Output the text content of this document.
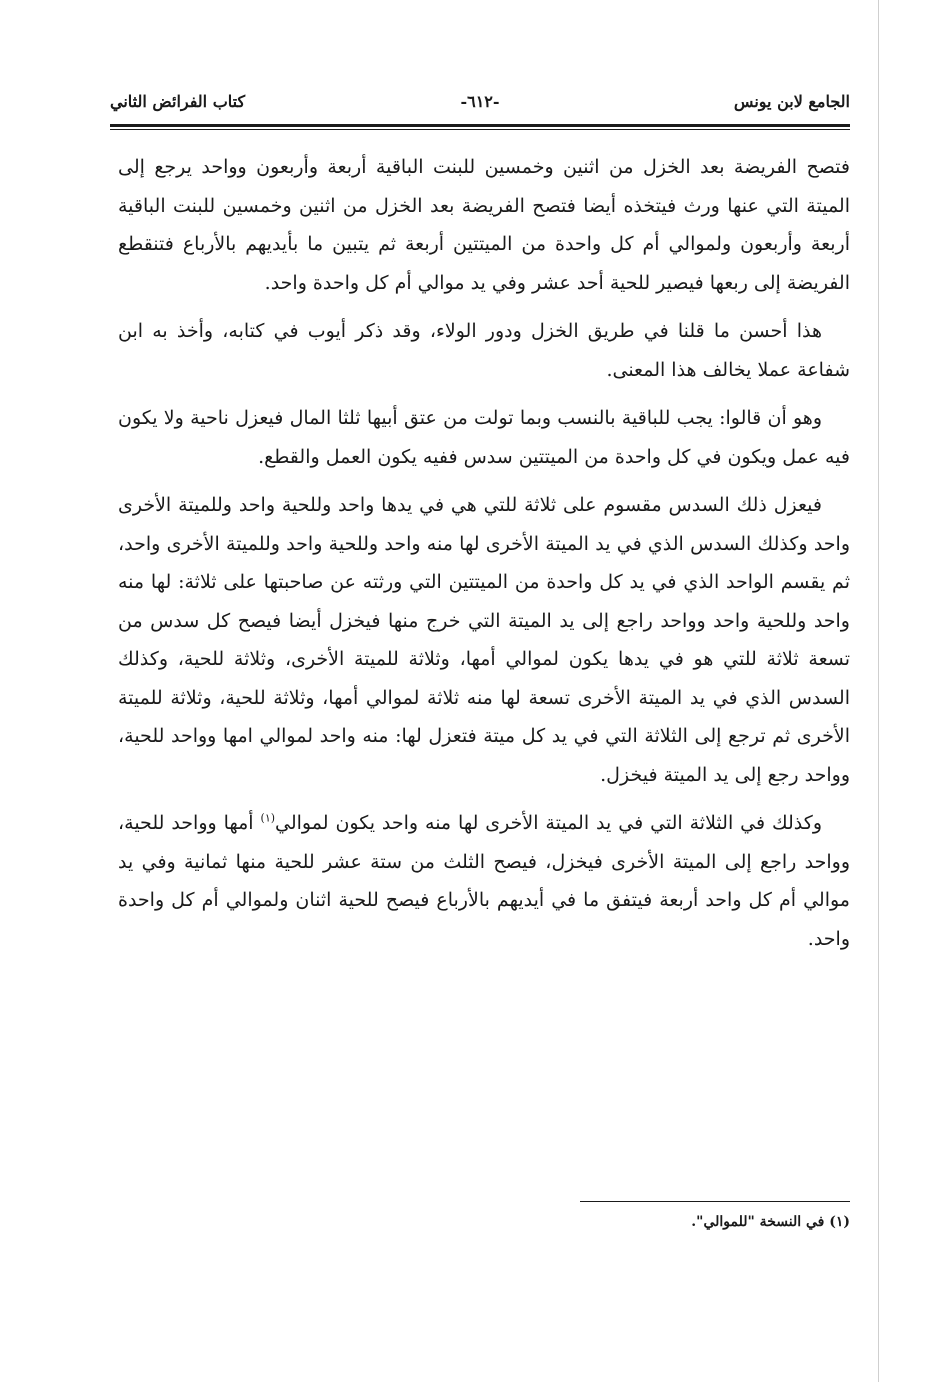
الجامع لابن يونس
-٦١٢-
كتاب الفرائض الثاني

فتصح الفريضة بعد الخزل من اثنين وخمسين للبنت الباقية أربعة وأربعون وواحد يرجع إلى الميتة التي عنها ورث فيتخذه أيضا فتصح الفريضة بعد الخزل من اثنين وخمسين للبنت الباقية أربعة وأربعون ولموالي أم كل واحدة من الميتتين أربعة ثم يتبين ما بأيديهم بالأرباع فتنقطع الفريضة إلى ربعها فيصير للحية أحد عشر وفي يد موالي أم كل واحدة واحد.

هذا أحسن ما قلنا في طريق الخزل ودور الولاء، وقد ذكر أيوب في كتابه، وأخذ به ابن شفاعة عملا يخالف هذا المعنى.

وهو أن قالوا: يجب للباقية بالنسب وبما تولت من عتق أبيها ثلثا المال فيعزل ناحية ولا يكون فيه عمل ويكون في كل واحدة من الميتتين سدس ففيه يكون العمل والقطع.

فيعزل ذلك السدس مقسوم على ثلاثة للتي هي في يدها واحد وللحية واحد وللميتة الأخرى واحد وكذلك السدس الذي في يد الميتة الأخرى لها منه واحد وللحية واحد وللميتة الأخرى واحد، ثم يقسم الواحد الذي في يد كل واحدة من الميتتين التي ورثته عن صاحبتها على ثلاثة: لها منه واحد وللحية واحد وواحد راجع إلى يد الميتة التي خرج منها فيخزل أيضا فيصح كل سدس من تسعة ثلاثة للتي هو في يدها يكون لموالي أمها، وثلاثة للميتة الأخرى، وثلاثة للحية، وكذلك السدس الذي في يد الميتة الأخرى تسعة لها منه ثلاثة لموالي أمها، وثلاثة للحية، وثلاثة للميتة الأخرى ثم ترجع إلى الثلاثة التي في يد كل ميتة فتعزل لها: منه واحد لموالي امها وواحد للحية، وواحد رجع إلى يد الميتة فيخزل.

وكذلك في الثلاثة التي في يد الميتة الأخرى لها منه واحد يكون لموالي$^{(١)}$ أمها وواحد للحية، وواحد راجع إلى الميتة الأخرى فيخزل، فيصح الثلث من ستة عشر للحية منها ثمانية وفي يد موالي أم كل واحد أربعة فيتفق ما في أيديهم بالأرباع فيصح للحية اثنان ولموالي أم كل واحدة واحد.

(١) في النسخة "للموالي".
